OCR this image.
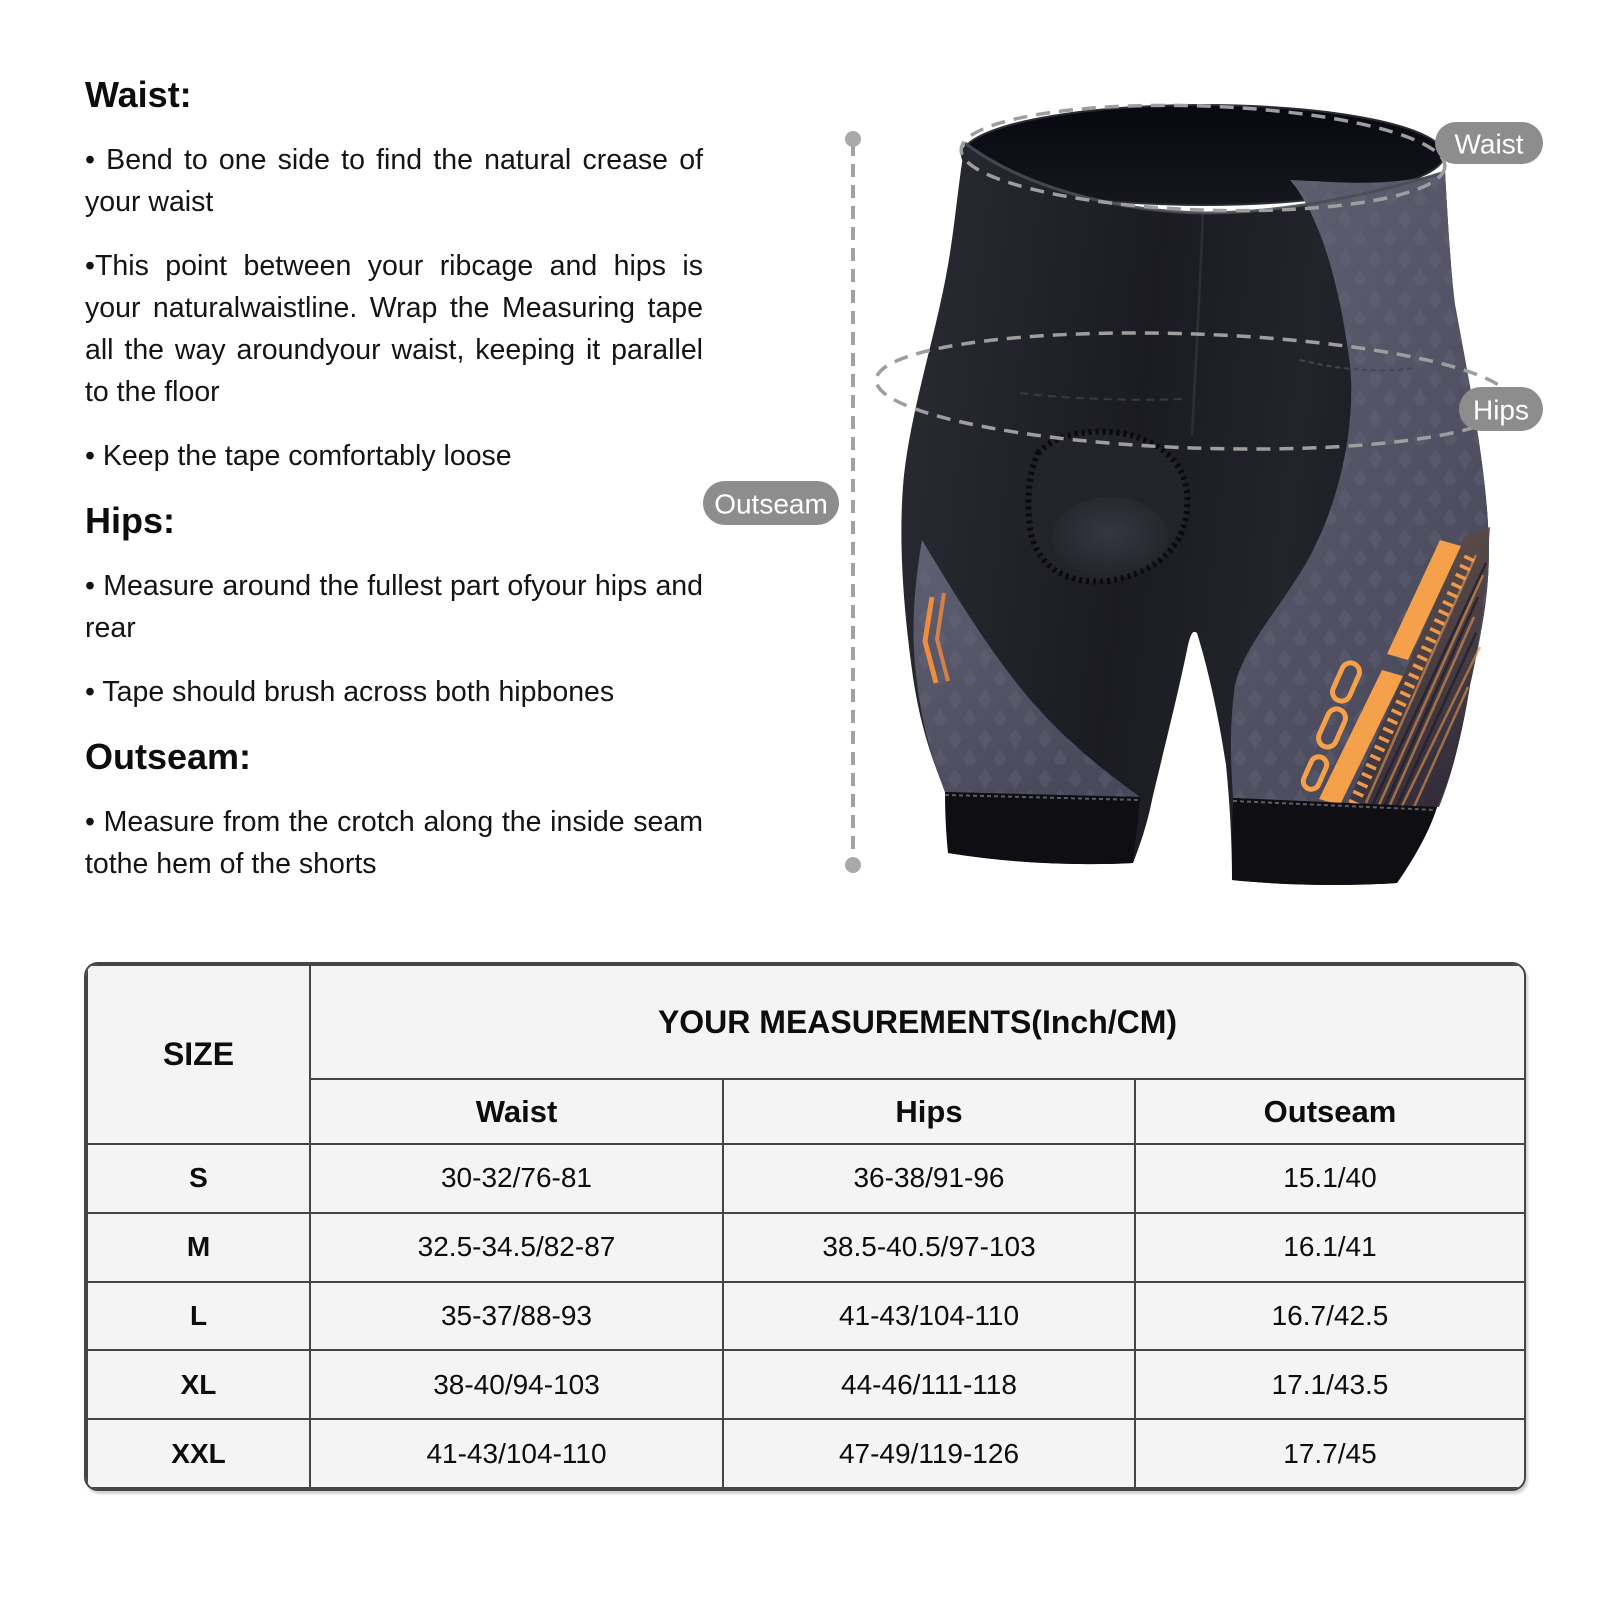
Waist:

• Bend to one side to find the natural crease of your waist

•This point between your ribcage and hips is your naturalwaistline. Wrap the Measuring tape all the way aroundyour waist, keeping it parallel to the floor

• Keep the tape comfortably loose

Hips:

• Measure around the fullest part ofyour hips and rear

• Tape should brush across both hipbones

Outseam:

• Measure from the crotch along the inside seam tothe hem of the shorts

Waist
Hips
Outseam
SIZE	YOUR MEASUREMENTS(Inch/CM)		
	Waist	Hips	Outseam
S	30-32/76-81	36-38/91-96	15.1/40
M	32.5-34.5/82-87	38.5-40.5/97-103	16.1/41
L	35-37/88-93	41-43/104-110	16.7/42.5
XL	38-40/94-103	44-46/111-118	17.1/43.5
XXL	41-43/104-110	47-49/119-126	17.7/45
